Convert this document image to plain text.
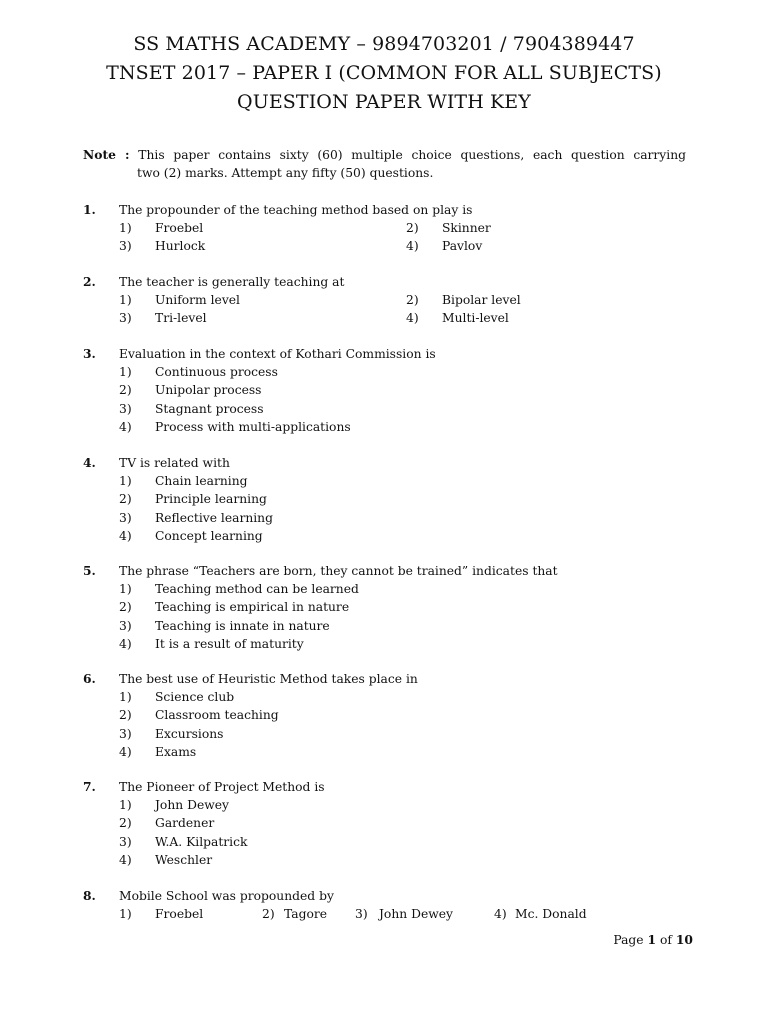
SS MATHS ACADEMY – 9894703201 / 7904389447
TNSET 2017 – PAPER I (COMMON FOR ALL SUBJECTS)
QUESTION PAPER WITH KEY
Note : This paper contains sixty (60) multiple choice questions, each question carrying
two (2) marks. Attempt any fifty (50) questions.
1. The propounder of the teaching method based on play is
1) Froebel	2) Skinner
3) Hurlock	4) Pavlov
2. The teacher is generally teaching at
1) Uniform level	2) Bipolar level
3) Tri-level	4) Multi-level
3. Evaluation in the context of Kothari Commission is
1) Continuous process
2) Unipolar process
3) Stagnant process
4) Process with multi-applications
4. TV is related with
1) Chain learning
2) Principle learning
3) Reflective learning
4) Concept learning
5. The phrase “Teachers are born, they cannot be trained” indicates that
1) Teaching method can be learned
2) Teaching is empirical in nature
3) Teaching is innate in nature
4) It is a result of maturity
6. The best use of Heuristic Method takes place in
1) Science club
2) Classroom teaching
3) Excursions
4) Exams
7. The Pioneer of Project Method is
1) John Dewey
2) Gardener
3) W.A. Kilpatrick
4) Weschler
8. Mobile School was propounded by
1) Froebel	2) Tagore 3) John Dewey	4) Mc. Donald
Page 1 of 10
